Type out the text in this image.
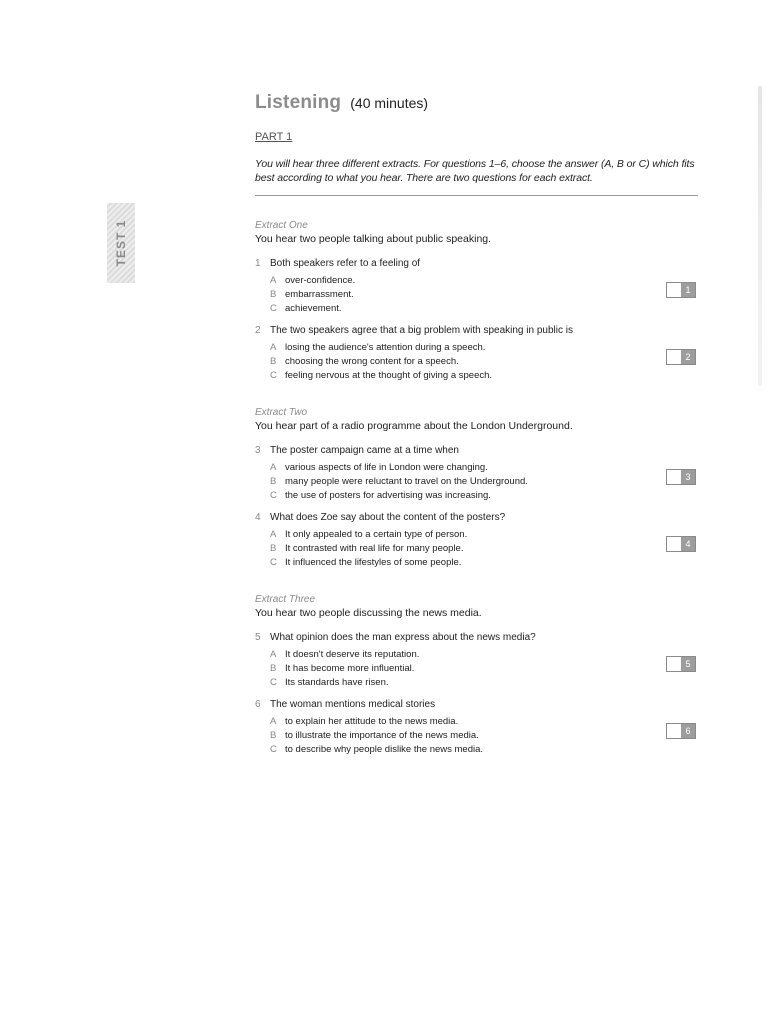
TEST 1
Listening (40 minutes)
PART 1
You will hear three different extracts. For questions 1–6, choose the answer (A, B or C) which fits best according to what you hear. There are two questions for each extract.
Extract One
You hear two people talking about public speaking.
1 Both speakers refer to a feeling of
A over-confidence.
B embarrassment.
C achievement.
1
2 The two speakers agree that a big problem with speaking in public is
A losing the audience's attention during a speech.
B choosing the wrong content for a speech.
C feeling nervous at the thought of giving a speech.
2
Extract Two
You hear part of a radio programme about the London Underground.
3 The poster campaign came at a time when
A various aspects of life in London were changing.
B many people were reluctant to travel on the Underground.
C the use of posters for advertising was increasing.
3
4 What does Zoe say about the content of the posters?
A It only appealed to a certain type of person.
B It contrasted with real life for many people.
C It influenced the lifestyles of some people.
4
Extract Three
You hear two people discussing the news media.
5 What opinion does the man express about the news media?
A It doesn't deserve its reputation.
B It has become more influential.
C Its standards have risen.
5
6 The woman mentions medical stories
A to explain her attitude to the news media.
B to illustrate the importance of the news media.
C to describe why people dislike the news media.
6
